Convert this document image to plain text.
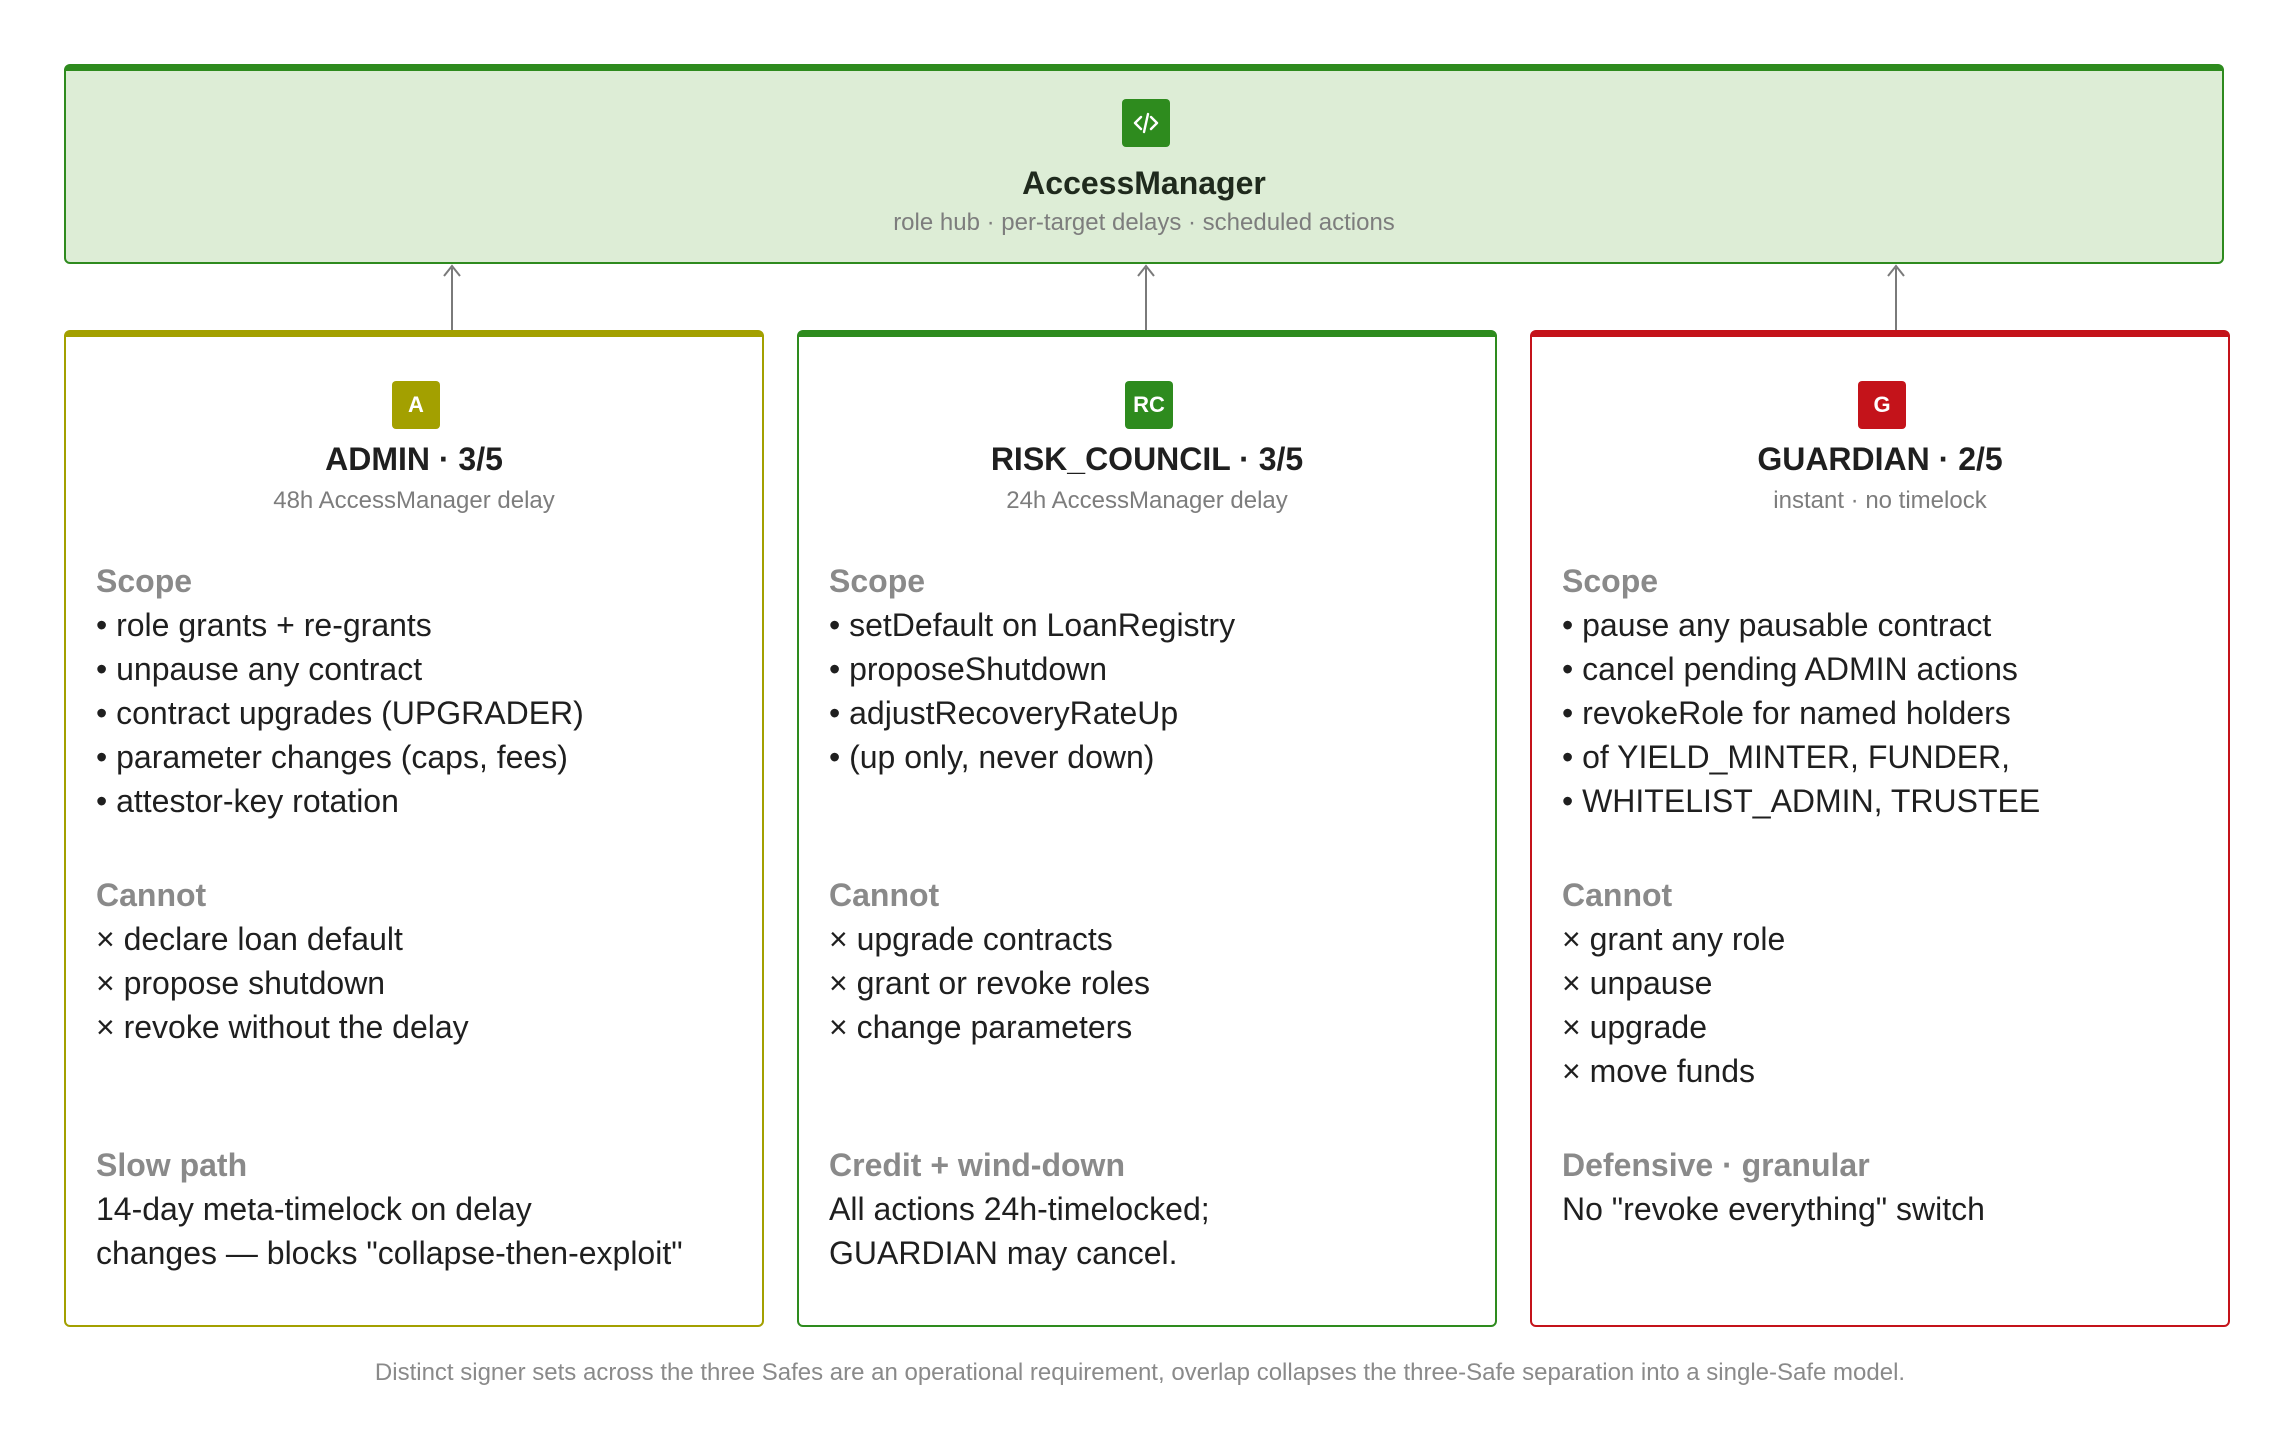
AccessManager
role hub · per-target delays · scheduled actions
A
ADMIN · 3/5
48h AccessManager delay
Scope
• role grants + re-grants
• unpause any contract
• contract upgrades (UPGRADER)
• parameter changes (caps, fees)
• attestor-key rotation
Cannot
× declare loan default
× propose shutdown
× revoke without the delay
Slow path
14-day meta-timelock on delay
changes — blocks "collapse-then-exploit"
RC
RISK_COUNCIL · 3/5
24h AccessManager delay
Scope
• setDefault on LoanRegistry
• proposeShutdown
• adjustRecoveryRateUp
• (up only, never down)
Cannot
× upgrade contracts
× grant or revoke roles
× change parameters
Credit + wind-down
All actions 24h-timelocked;
GUARDIAN may cancel.
G
GUARDIAN · 2/5
instant · no timelock
Scope
• pause any pausable contract
• cancel pending ADMIN actions
• revokeRole for named holders
• of YIELD_MINTER, FUNDER,
• WHITELIST_ADMIN, TRUSTEE
Cannot
× grant any role
× unpause
× upgrade
× move funds
Defensive · granular
No "revoke everything" switch
Distinct signer sets across the three Safes are an operational requirement, overlap collapses the three-Safe separation into a single-Safe model.
